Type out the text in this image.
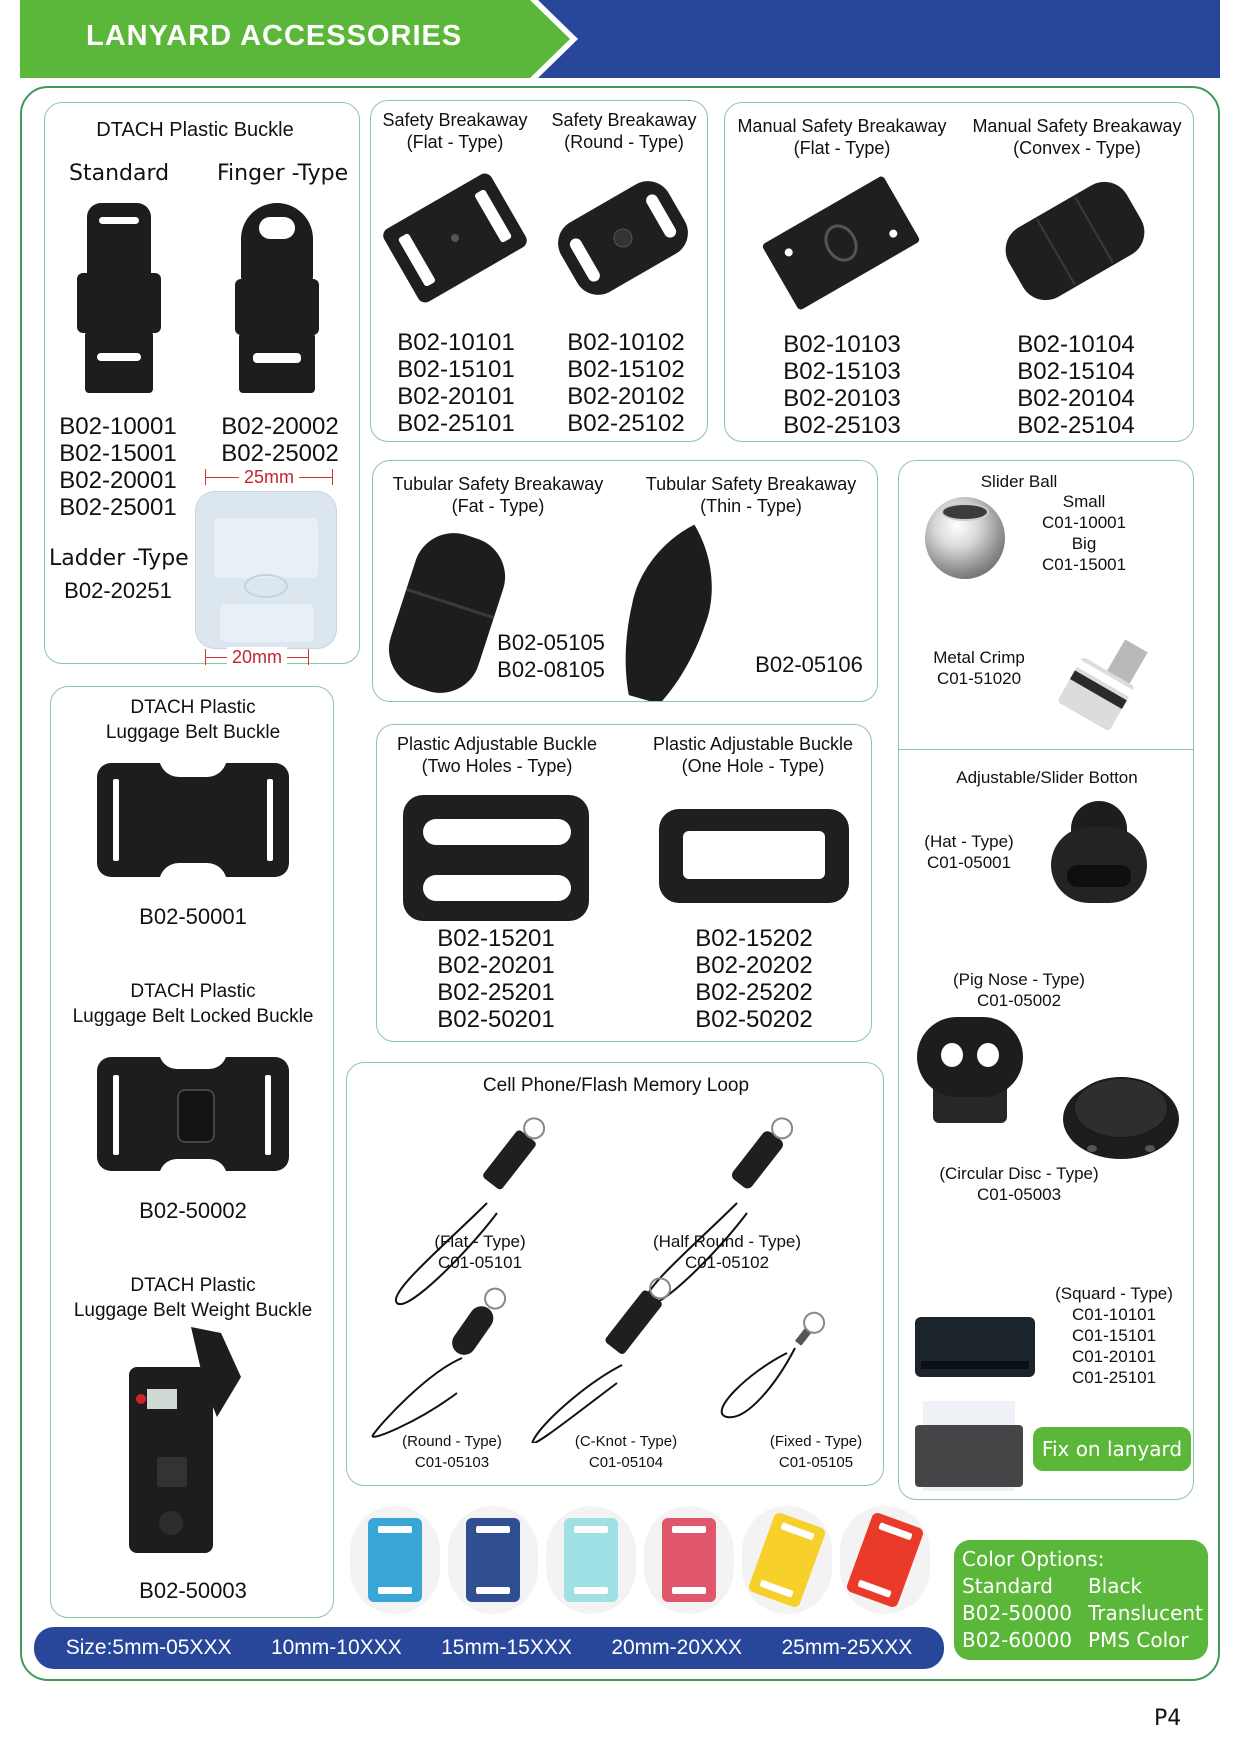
LANYARD ACCESSORIES
DTACH Plastic Buckle
Standard Finger -Type
B02-10001
B02-15001
B02-20001
B02-25001
B02-20002
B02-25002
Ladder -Type
B02-20251
25mm
20mm
Safety Breakaway
(Flat - Type)
Safety Breakaway
(Round - Type)
B02-10101
B02-15101
B02-20101
B02-25101
B02-10102
B02-15102
B02-20102
B02-25102
Manual Safety Breakaway
(Flat - Type)
Manual Safety Breakaway
(Convex - Type)
B02-10103
B02-15103
B02-20103
B02-25103
B02-10104
B02-15104
B02-20104
B02-25104
Tubular Safety Breakaway
(Fat - Type)
Tubular Safety Breakaway
(Thin - Type)
B02-05105
B02-08105	B02-05106
Slider Ball
Small
C01-10001
Big
C01-15001
Metal Crimp
C01-51020
Adjustable/Slider Botton
(Hat - Type)
C01-05001
(Pig Nose - Type)
C01-05002
(Circular Disc - Type)
C01-05003
(Squard - Type)
C01-10101
C01-15101
C01-20101
C01-25101
Fix on lanyard
DTACH Plastic
Luggage Belt Buckle
B02-50001
DTACH Plastic
Luggage Belt Locked Buckle
B02-50002
DTACH Plastic
Luggage Belt Weight Buckle
B02-50003
Plastic Adjustable Buckle
(Two Holes - Type)
Plastic Adjustable Buckle
(One Hole - Type)
B02-15201
B02-20201
B02-25201
B02-50201
B02-15202
B02-20202
B02-25202
B02-50202
Cell Phone/Flash Memory Loop
(Flat - Type)
C01-05101
(Half Round - Type)
C01-05102
(Round - Type)
C01-05103
(C-Knot - Type)
C01-05104
(Fixed - Type)
C01-05105
Color Options:
Standard	Black
B02-50000 Translucent
B02-60000 PMS Color
Size:5mm-05XXX 10mm-10XXX 15mm-15XXX 20mm-20XXX 25mm-25XXX
P4
